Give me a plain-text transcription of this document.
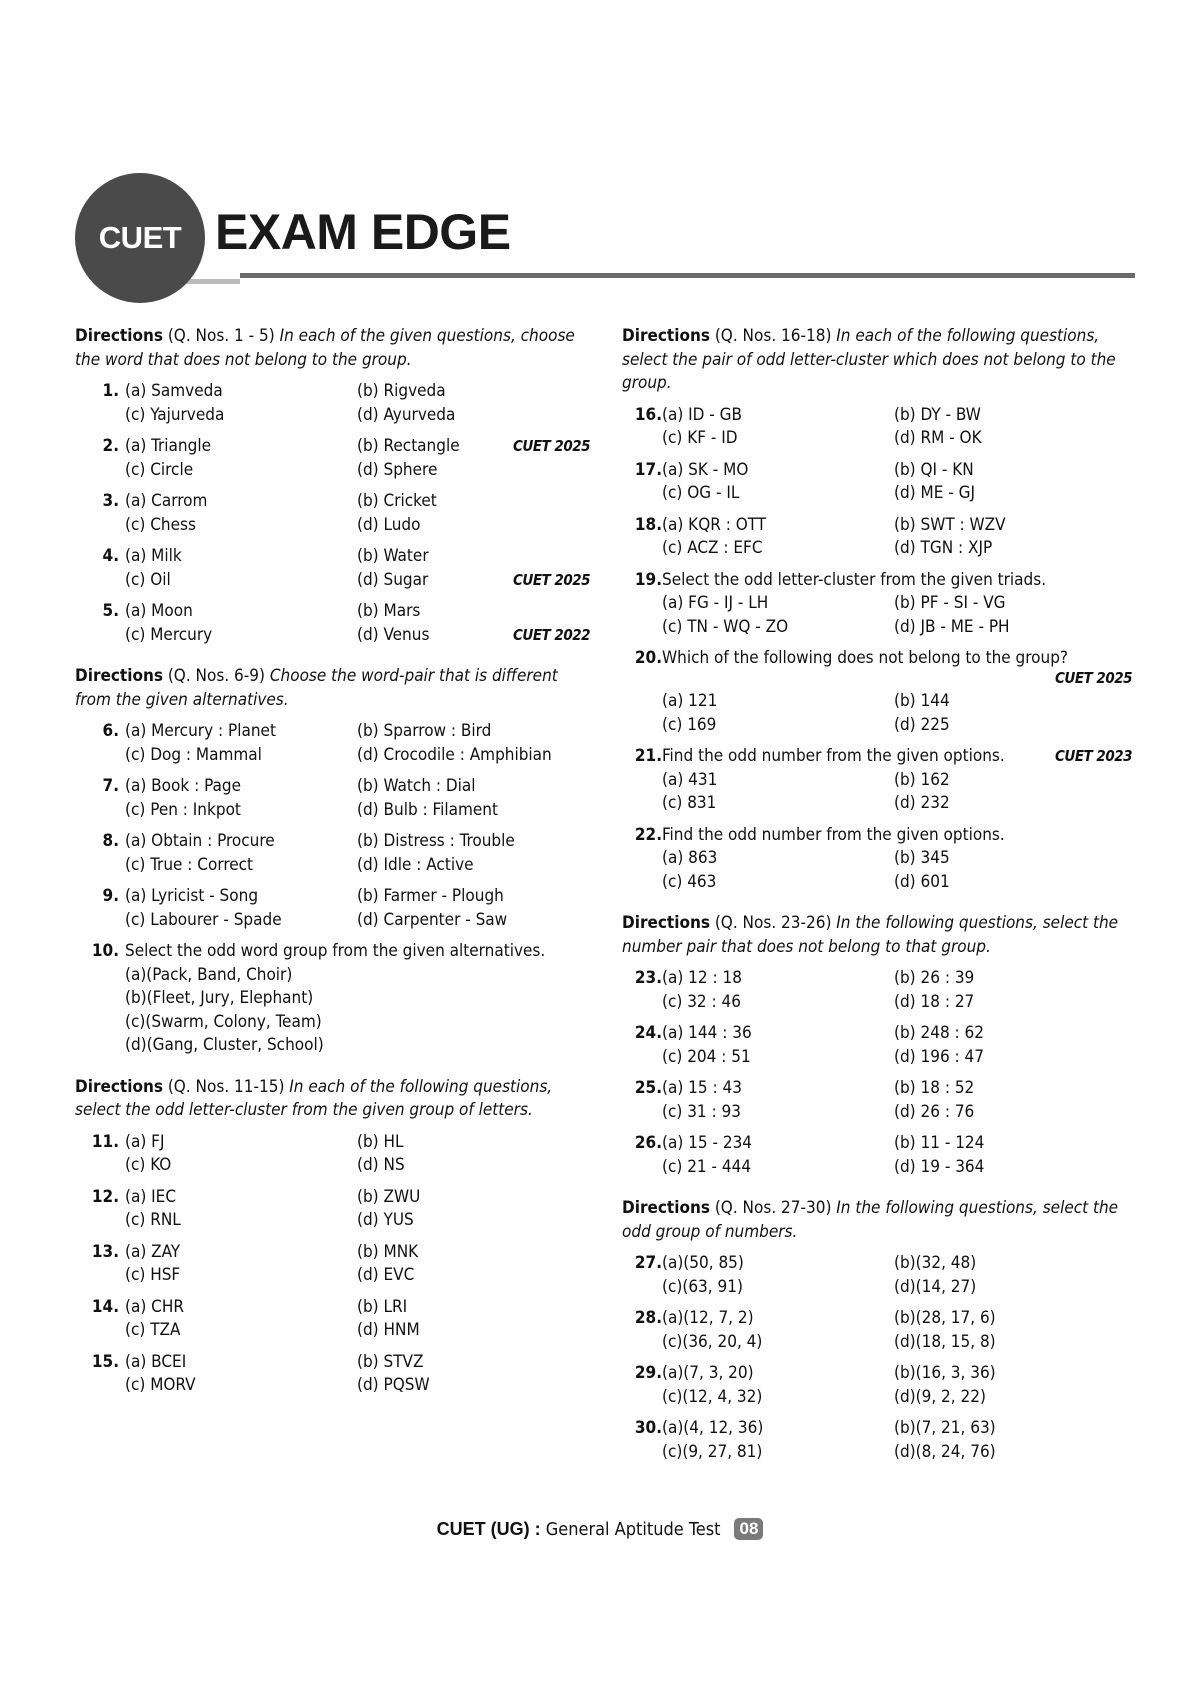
CUET EXAM EDGE

Directions (Q. Nos. 1 - 5) In each of the given questions, choose the word that does not belong to the group.

1. (a) Samveda	(b) Rigveda
(c) Yajurveda	(d) Ayurveda
2. (a) Triangle	(b) Rectangle	CUET 2025
(c) Circle	(d) Sphere
3. (a) Carrom	(b) Cricket
(c) Chess	(d) Ludo
4. (a) Milk	(b) Water
(c) Oil	(d) Sugar	CUET 2025
5. (a) Moon	(b) Mars
(c) Mercury	(d) Venus	CUET 2022

Directions (Q. Nos. 6-9) Choose the word-pair that is different from the given alternatives.

6. (a) Mercury : Planet	(b) Sparrow : Bird
(c) Dog : Mammal	(d) Crocodile : Amphibian
7. (a) Book : Page	(b) Watch : Dial
(c) Pen : Inkpot	(d) Bulb : Filament
8. (a) Obtain : Procure	(b) Distress : Trouble
(c) True : Correct	(d) Idle : Active
9. (a) Lyricist - Song	(b) Farmer - Plough
(c) Labourer - Spade	(d) Carpenter - Saw
10. Select the odd word group from the given alternatives.
(a)(Pack, Band, Choir)
(b)(Fleet, Jury, Elephant)
(c)(Swarm, Colony, Team)
(d)(Gang, Cluster, School)

Directions (Q. Nos. 11-15) In each of the following questions, select the odd letter-cluster from the given group of letters.

11. (a) FJ	(b) HL
(c) KO	(d) NS
12. (a) IEC	(b) ZWU
(c) RNL	(d) YUS
13. (a) ZAY	(b) MNK
(c) HSF	(d) EVC
14. (a) CHR	(b) LRI
(c) TZA	(d) HNM
15. (a) BCEI	(b) STVZ
(c) MORV	(d) PQSW

Directions (Q. Nos. 16-18) In each of the following questions, select the pair of odd letter-cluster which does not belong to the group.

16. (a) ID - GB	(b) DY - BW
(c) KF - ID	(d) RM - OK
17. (a) SK - MO	(b) QI - KN
(c) OG - IL	(d) ME - GJ
18. (a) KQR : OTT	(b) SWT : WZV
(c) ACZ : EFC	(d) TGN : XJP
19. Select the odd letter-cluster from the given triads.
(a) FG - IJ - LH	(b) PF - SI - VG
(c) TN - WQ - ZO	(d) JB - ME - PH
20. Which of the following does not belong to the group?
CUET 2025
(a) 121	(b) 144
(c) 169	(d) 225
21. Find the odd number from the given options.	CUET 2023
(a) 431	(b) 162
(c) 831	(d) 232
22. Find the odd number from the given options.
(a) 863	(b) 345
(c) 463	(d) 601

Directions (Q. Nos. 23-26) In the following questions, select the number pair that does not belong to that group.

23. (a) 12 : 18	(b) 26 : 39
(c) 32 : 46	(d) 18 : 27
24. (a) 144 : 36	(b) 248 : 62
(c) 204 : 51	(d) 196 : 47
25. (a) 15 : 43	(b) 18 : 52
(c) 31 : 93	(d) 26 : 76
26. (a) 15 - 234	(b) 11 - 124
(c) 21 - 444	(d) 19 - 364

Directions (Q. Nos. 27-30) In the following questions, select the odd group of numbers.

27. (a)(50, 85)	(b)(32, 48)
(c)(63, 91)	(d)(14, 27)
28. (a)(12, 7, 2)	(b)(28, 17, 6)
(c)(36, 20, 4)	(d)(18, 15, 8)
29. (a)(7, 3, 20)	(b)(16, 3, 36)
(c)(12, 4, 32)	(d)(9, 2, 22)
30. (a)(4, 12, 36)	(b)(7, 21, 63)
(c)(9, 27, 81)	(d)(8, 24, 76)
CUET (UG) :
General Aptitude Test 08
